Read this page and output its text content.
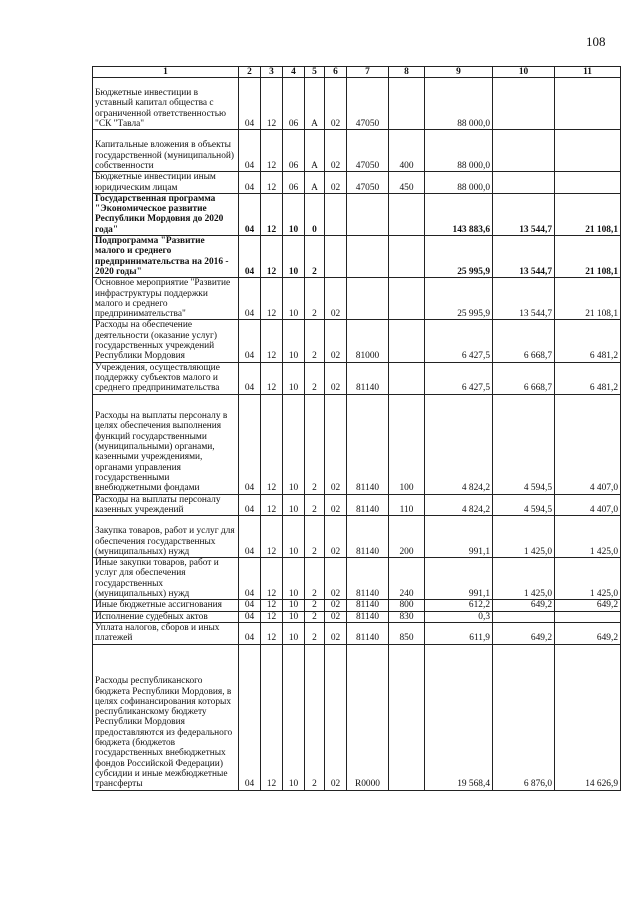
108
1	2	3	4	5	6	7	8	9	10	11
Бюджетные инвестиции в уставный капитал общества с ограниченной ответственностью "СК "Тавла"	04	12	06	А	02	47050		88 000,0		
Капитальные вложения в объекты государственной (муниципальной) собственности	04	12	06	А	02	47050	400	88 000,0		
Бюджетные инвестиции иным юридическим лицам	04	12	06	А	02	47050	450	88 000,0		
Государственная программа "Экономическое развитие Республики Мордовия до 2020 года"	04	12	10	0				143 883,6	13 544,7	21 108,1
Подпрограмма "Развитие малого и среднего предпринимательства на 2016 - 2020 годы"	04	12	10	2				25 995,9	13 544,7	21 108,1
Основное мероприятие "Развитие инфраструктуры поддержки малого и среднего предпринимательства"	04	12	10	2	02			25 995,9	13 544,7	21 108,1
Расходы на обеспечение деятельности (оказание услуг) государственных учреждений Республики Мордовия	04	12	10	2	02	81000		6 427,5	6 668,7	6 481,2
Учреждения, осуществляющие поддержку субъектов малого и среднего предпринимательства	04	12	10	2	02	81140		6 427,5	6 668,7	6 481,2
Расходы на выплаты персоналу в целях обеспечения выполнения функций государственными (муниципальными) органами, казенными учреждениями, органами управления государственными внебюджетными фондами	04	12	10	2	02	81140	100	4 824,2	4 594,5	4 407,0
Расходы на выплаты персоналу казенных учреждений	04	12	10	2	02	81140	110	4 824,2	4 594,5	4 407,0
Закупка товаров, работ и услуг для обеспечения государственных (муниципальных) нужд	04	12	10	2	02	81140	200	991,1	1 425,0	1 425,0
Иные закупки товаров, работ и услуг для обеспечения государственных (муниципальных) нужд	04	12	10	2	02	81140	240	991,1	1 425,0	1 425,0
Иные бюджетные ассигнования	04	12	10	2	02	81140	800	612,2	649,2	649,2
Исполнение судебных актов	04	12	10	2	02	81140	830	0,3		
Уплата налогов, сборов и иных платежей	04	12	10	2	02	81140	850	611,9	649,2	649,2
Расходы республиканского бюджета Республики Мордовия, в целях софинансирования которых республиканскому бюджету Республики Мордовия предоставляются из федерального бюджета (бюджетов государственных внебюджетных фондов Российской Федерации) субсидии и иные межбюджетные трансферты	04	12	10	2	02	R0000		19 568,4	6 876,0	14 626,9
